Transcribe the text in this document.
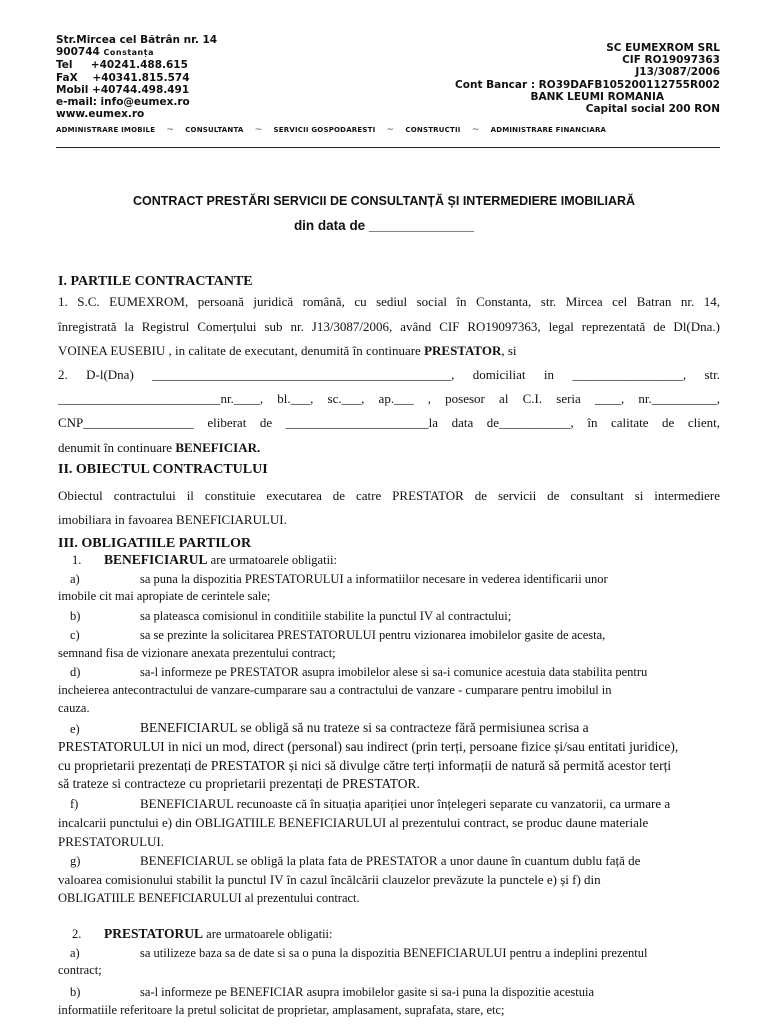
Str.Mircea cel Bătrân nr. 14
900744 Constanța
Tel     +40241.488.615
FaX    +40341.815.574
Mobil +40744.498.491
e-mail: info@eumex.ro
www.eumex.ro
SC EUMEXROM SRL
CIF RO19097363
J13/3087/2006
Cont Bancar : RO39DAFB105200112755R002
BANK LEUMI ROMANIA
Capital social 200 RON
ADMINISTRARE IMOBILE	~	CONSULTANTA	~	SERVICII GOSPODARESTI	~	CONSTRUCTII	~	ADMINISTRARE FINANCIARA
CONTRACT PRESTĂRI SERVICII DE CONSULTANȚĂ ȘI INTERMEDIERE IMOBILIARĂ
din data de ______________
I. PARTILE CONTRACTANTE
1. S.C. EUMEXROM, persoană juridică română, cu sediul social în Constanta, str. Mircea cel Batran nr. 14,
înregistrată la Registrul Comerțului sub nr. J13/3087/2006, având CIF RO19097363, legal reprezentată de Dl(Dna.)
VOINEA EUSEBIU , in calitate de executant, denumită în continuare PRESTATOR, si
2. D-l(Dna) ______________________________________________, domiciliat in _________________, str.
_________________________nr.____, bl.___, sc.___, ap.___ , posesor al C.I. seria ____, nr.__________,
CNP_________________ eliberat de ______________________la data de___________, în calitate de client,
denumit în continuare BENEFICIAR.
II. OBIECTUL CONTRACTULUI
Obiectul contractului il constituie executarea de catre PRESTATOR de servicii de consultant si intermediere
imobiliara in favoarea BENEFICIARULUI.
III. OBLIGATIILE PARTILOR
1. BENEFICIARUL are urmatoarele obligatii:
a)	sa puna la dispozitia PRESTATORULUI a informatiilor necesare in vederea identificarii unor
imobile cit mai apropiate de cerintele sale;
b)	sa plateasca comisionul in conditiile stabilite la punctul IV al contractului;
c)	sa se prezinte la solicitarea PRESTATORULUI pentru vizionarea imobilelor gasite de acesta,
semnand fisa de vizionare anexata prezentului contract;
d)	sa-l informeze pe PRESTATOR asupra imobilelor alese si sa-i comunice acestuia data stabilita pentru
incheierea antecontractului de vanzare-cumparare sau a contractului de vanzare - cumparare pentru imobilul in
cauza.
e)	BENEFICIARUL se obligă să nu trateze si sa contracteze fără permisiunea scrisa a
PRESTATORULUI in nici un mod, direct (personal) sau indirect (prin terți, persoane fizice și/sau entitati juridice),
cu proprietarii prezentați de PRESTATOR și nici să divulge către terți informații de natură să permită acestor terți
să trateze si contracteze cu proprietarii prezentați de PRESTATOR.
f)	BENEFICIARUL recunoaste că în situația apariției unor înțelegeri separate cu vanzatorii, ca urmare a
incalcarii punctului e) din OBLIGATIILE BENEFICIARULUI al prezentului contract, se produc daune materiale
PRESTATORULUI.
g)	BENEFICIARUL se obligă la plata fata de PRESTATOR a unor daune în cuantum dublu față de
valoarea comisionului stabilit la punctul IV în cazul încălcării clauzelor prevăzute la punctele e) și f) din
OBLIGATIILE BENEFICIARULUI al prezentului contract.
2. PRESTATORUL are urmatoarele obligatii:
a)	sa utilizeze baza sa de date si sa o puna la dispozitia BENEFICIARULUI pentru a indeplini prezentul
contract;
b)	sa-l informeze pe BENEFICIAR asupra imobilelor gasite si sa-i puna la dispozitie acestuia
informatiile referitoare la pretul solicitat de proprietar, amplasament, suprafata, stare, etc;
